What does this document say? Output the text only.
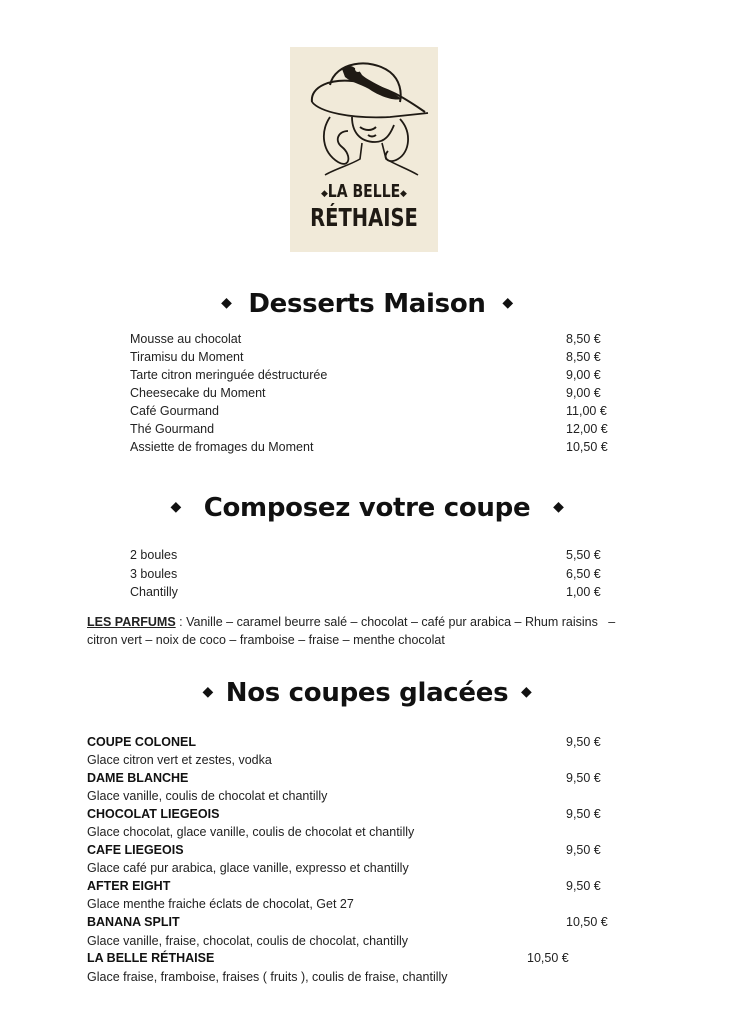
◆ LA BELLE ◆
RÉTHAISE
◆ Desserts Maison ◆
Mousse au chocolat	8,50 €
Tiramisu du Moment	8,50 €
Tarte citron meringuée déstructurée	9,00 €
Cheesecake du Moment	9,00 €
Café Gourmand	11,00 €
Thé Gourmand	12,00 €
Assiette de fromages du Moment	10,50 €
◆ Composez votre coupe ◆
2 boules	5,50 €
3 boules	6,50 €
Chantilly	1,00 €
LES PARFUMS : Vanille – caramel beurre salé – chocolat – café pur arabica – Rhum raisins   –
citron vert – noix de coco – framboise – fraise – menthe chocolat
◆ Nos coupes glacées ◆
COUPE COLONEL	9,50 €
Glace citron vert et zestes, vodka
DAME BLANCHE	9,50 €
Glace vanille, coulis de chocolat et chantilly
CHOCOLAT LIEGEOIS	9,50 €
Glace chocolat, glace vanille, coulis de chocolat et chantilly
CAFE LIEGEOIS	9,50 €
Glace café pur arabica, glace vanille, expresso et chantilly
AFTER EIGHT	9,50 €
Glace menthe fraiche éclats de chocolat, Get 27
BANANA SPLIT	10,50 €
Glace vanille, fraise, chocolat, coulis de chocolat, chantilly
LA BELLE RÉTHAISE	10,50 €
Glace fraise, framboise, fraises ( fruits ), coulis de fraise, chantilly
